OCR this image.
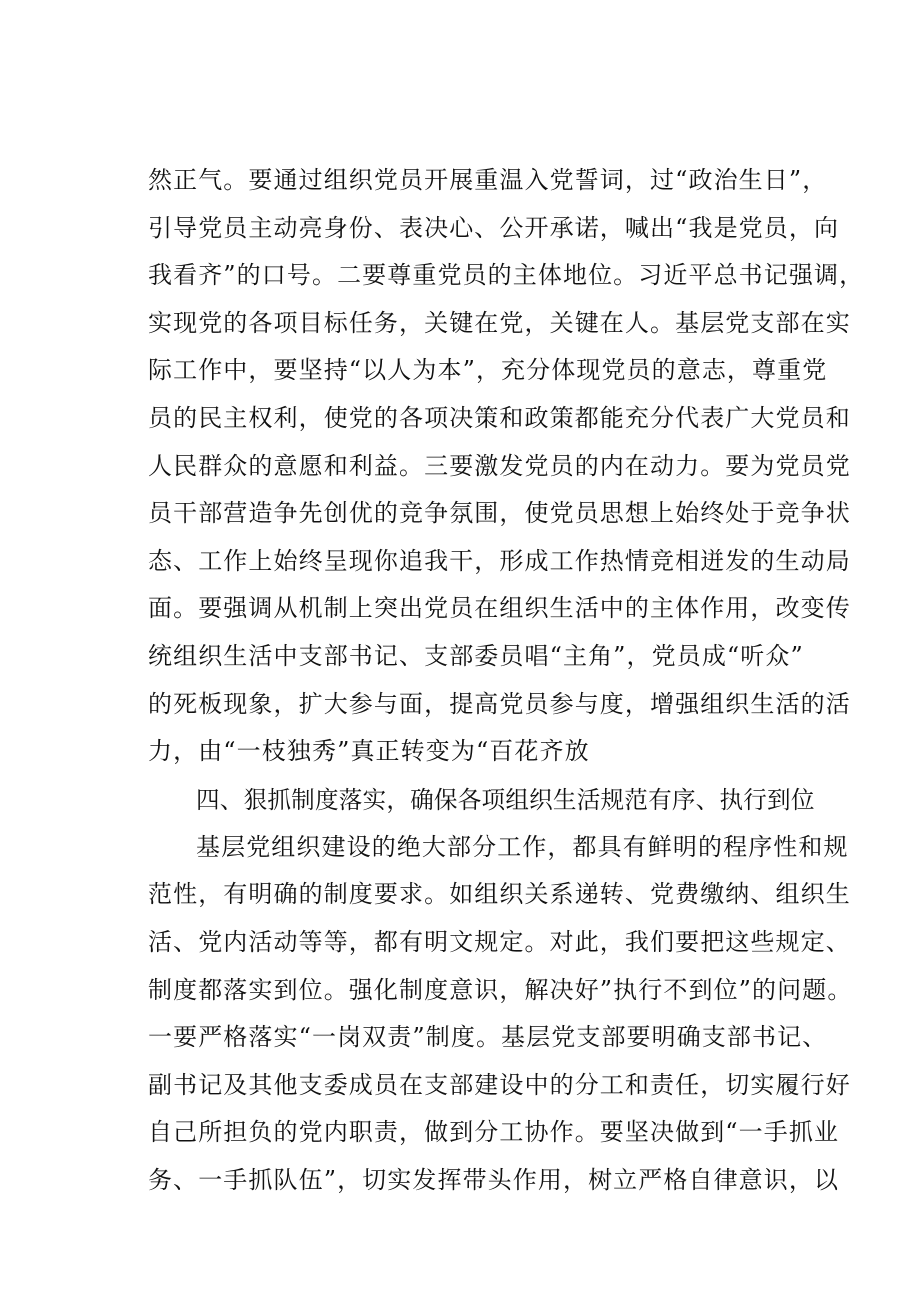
然正气。要通过组织党员开展重温入党誓词，过“政治生日”，
引导党员主动亮身份、表决心、公开承诺，喊出“我是党员，向
我看齐”的口号。二要尊重党员的主体地位。习近平总书记强调，
实现党的各项目标任务，关键在党，关键在人。基层党支部在实
际工作中，要坚持“以人为本”，充分体现党员的意志，尊重党
员的民主权利，使党的各项决策和政策都能充分代表广大党员和
人民群众的意愿和利益。三要激发党员的内在动力。要为党员党
员干部营造争先创优的竞争氛围，使党员思想上始终处于竞争状
态、工作上始终呈现你追我干，形成工作热情竞相迸发的生动局
面。要强调从机制上突出党员在组织生活中的主体作用，改变传
统组织生活中支部书记、支部委员唱“主角”，党员成“听众”
的死板现象，扩大参与面，提高党员参与度，增强组织生活的活
力，由“一枝独秀”真正转变为“百花齐放
四、狠抓制度落实，确保各项组织生活规范有序、执行到位
基层党组织建设的绝大部分工作，都具有鲜明的程序性和规
范性，有明确的制度要求。如组织关系递转、党费缴纳、组织生
活、党内活动等等，都有明文规定。对此，我们要把这些规定、
制度都落实到位。强化制度意识，解决好”执行不到位”的问题。
一要严格落实“一岗双责”制度。基层党支部要明确支部书记、
副书记及其他支委成员在支部建设中的分工和责任，切实履行好
自己所担负的党内职责，做到分工协作。要坚决做到“一手抓业
务、一手抓队伍”，切实发挥带头作用，树立严格自律意识，以
